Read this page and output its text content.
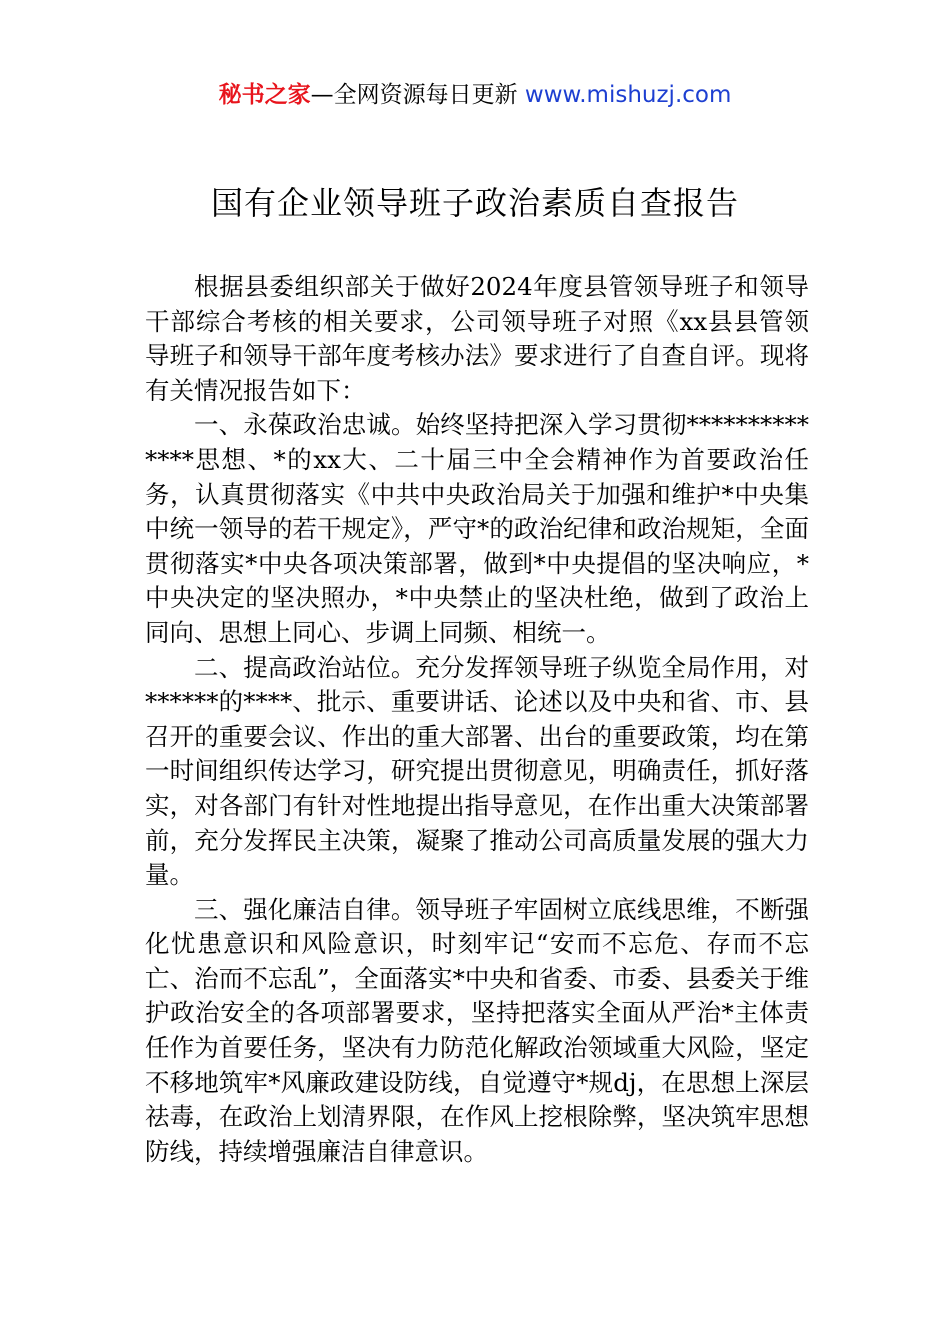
秘书之家—全网资源每日更新 www.mishuzj.com
国有企业领导班子政治素质自查报告

根据县委组织部关于做好2024年度县管领导班子和领导干部综合考核的相关要求，公司领导班子对照《xx县县管领导班子和领导干部年度考核办法》要求进行了自查自评。现将有关情况报告如下：

一、永葆政治忠诚。始终坚持把深入学习贯彻**************思想、*的xx大、二十届三中全会精神作为首要政治任务，认真贯彻落实《中共中央政治局关于加强和维护*中央集中统一领导的若干规定》，严守*的政治纪律和政治规矩，全面贯彻落实*中央各项决策部署，做到*中央提倡的坚决响应，*中央决定的坚决照办，*中央禁止的坚决杜绝，做到了政治上同向、思想上同心、步调上同频、相统一。

二、提高政治站位。充分发挥领导班子纵览全局作用，对******的****、批示、重要讲话、论述以及中央和省、市、县召开的重要会议、作出的重大部署、出台的重要政策，均在第一时间组织传达学习，研究提出贯彻意见，明确责任，抓好落实，对各部门有针对性地提出指导意见，在作出重大决策部署前，充分发挥民主决策，凝聚了推动公司高质量发展的强大力量。

三、强化廉洁自律。领导班子牢固树立底线思维，不断强化忧患意识和风险意识，时刻牢记“安而不忘危、存而不忘亡、治而不忘乱”，全面落实*中央和省委、市委、县委关于维护政治安全的各项部署要求，坚持把落实全面从严治*主体责任作为首要任务，坚决有力防范化解政治领域重大风险，坚定不移地筑牢*风廉政建设防线，自觉遵守*规dj，在思想上深层祛毒，在政治上划清界限，在作风上挖根除弊，坚决筑牢思想防线，持续增强廉洁自律意识。
